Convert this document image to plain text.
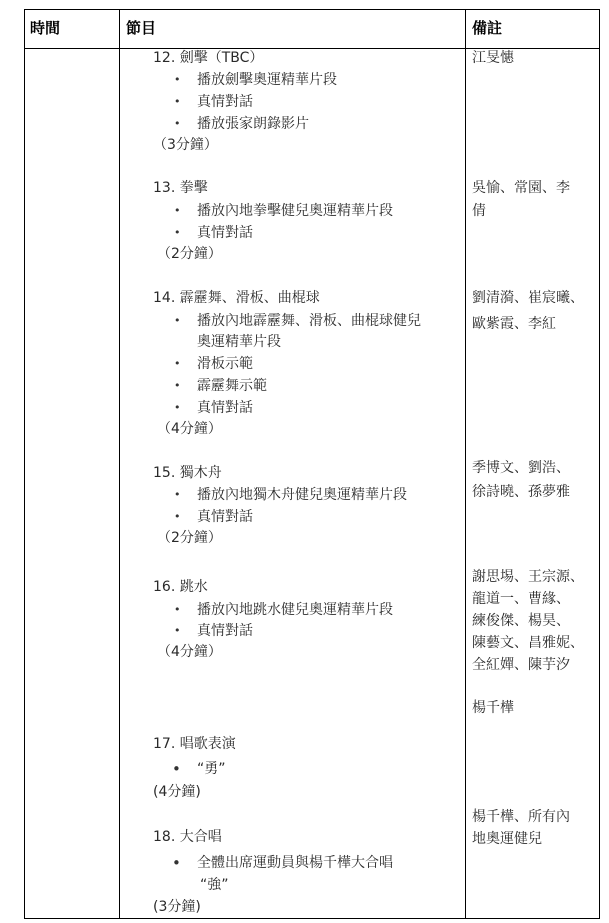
時間	節目	備註
12. 劍擊（TBC）
• 播放劍擊奧運精華片段
• 真情對話
• 播放張家朗錄影片
（3分鐘）
江旻憓
13. 拳擊
• 播放內地拳擊健兒奧運精華片段
• 真情對話
（2分鐘）
吳愉、常園、李
倩
14. 霹靂舞、滑板、曲棍球
• 播放內地霹靂舞、滑板、曲棍球健兒
奧運精華片段
• 滑板示範
• 霹靂舞示範
• 真情對話
（4分鐘）
劉清漪、崔宸曦、
歐紫霞、李紅
15. 獨木舟
• 播放內地獨木舟健兒奧運精華片段
• 真情對話
（2分鐘）
季博文、劉浩、
徐詩曉、孫夢雅
16. 跳水
• 播放內地跳水健兒奧運精華片段
• 真情對話
（4分鐘）
謝思埸、王宗源、
龍道一、曹緣、
練俊傑、楊昊、
陳藝文、昌雅妮、
全紅嬋、陳芋汐
楊千樺
17. 唱歌表演
• “勇”
(4分鐘)
18. 大合唱
• 全體出席運動員與楊千樺大合唱
“強”
(3分鐘)
楊千樺、所有內
地奧運健兒
